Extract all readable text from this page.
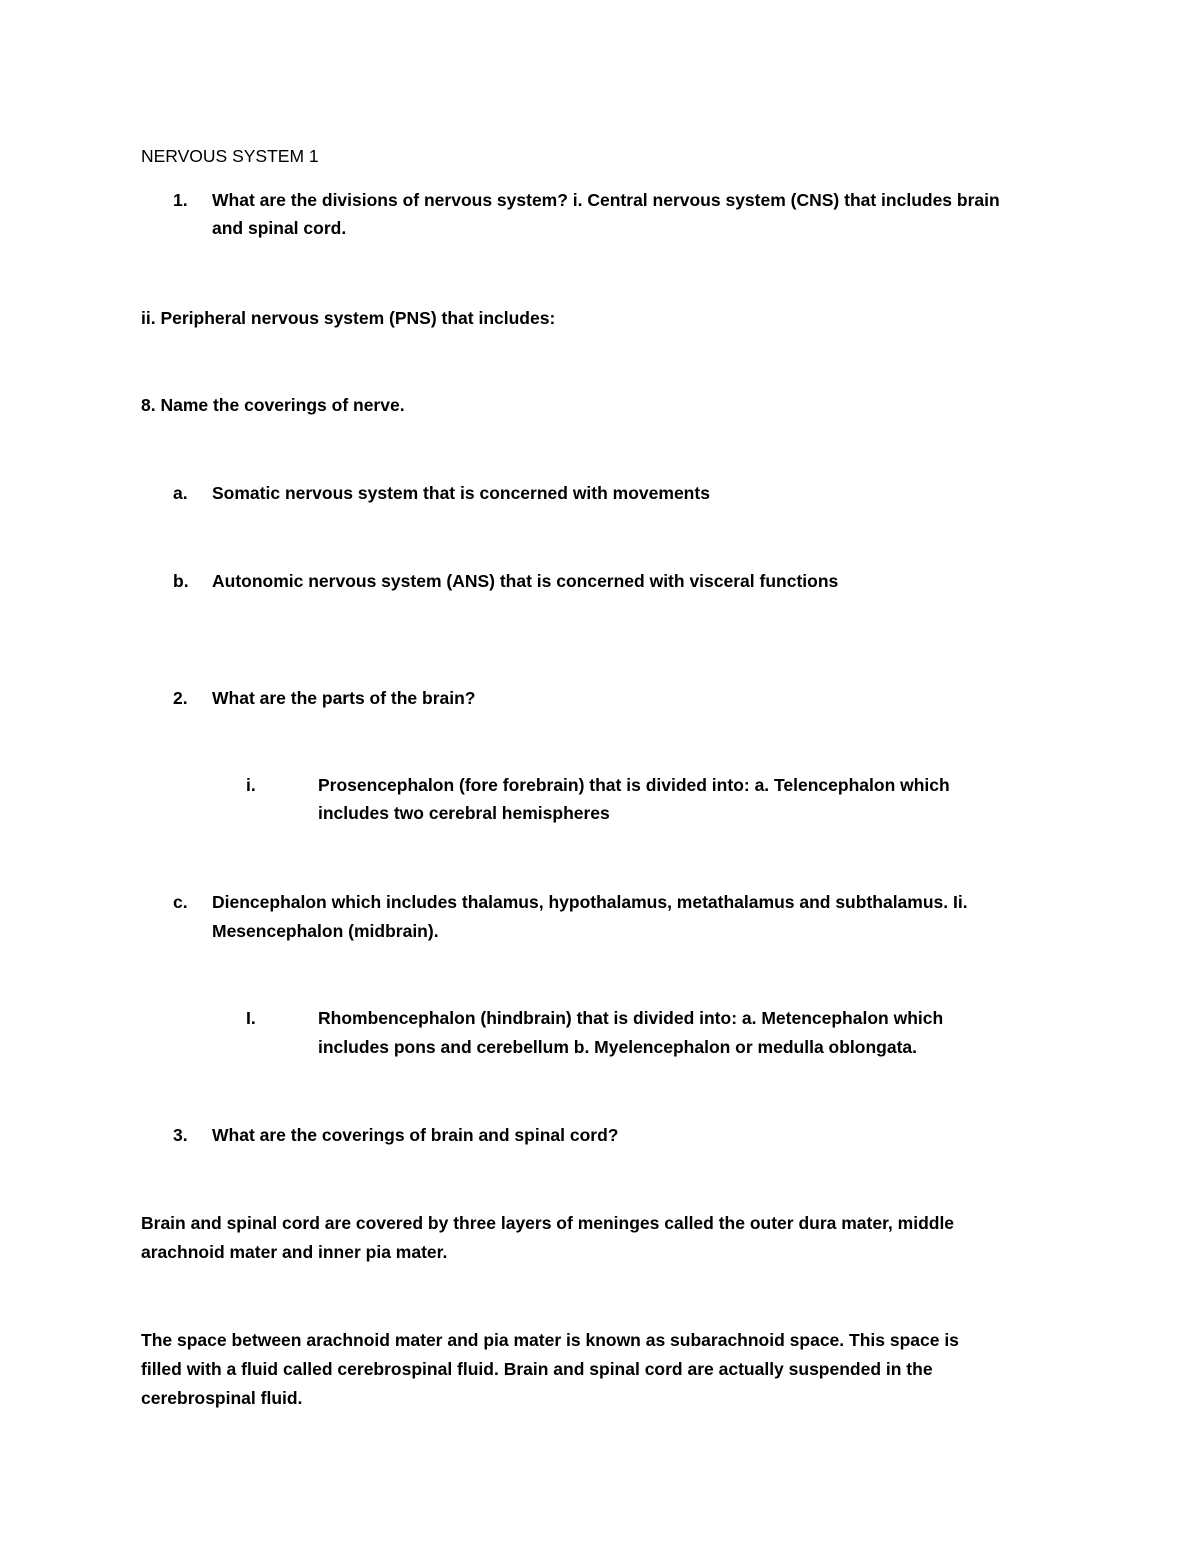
NERVOUS SYSTEM 1

1. What are the divisions of nervous system? i. Central nervous system (CNS) that includes brain

and spinal cord.

ii. Peripheral nervous system (PNS) that includes:

8. Name the coverings of nerve.

a. Somatic nervous system that is concerned with movements

b. Autonomic nervous system (ANS) that is concerned with visceral functions

2. What are the parts of the brain?

i.	Prosencephalon (fore forebrain) that is divided into: a. Telencephalon which

includes two cerebral hemispheres

c. Diencephalon which includes thalamus, hypothalamus, metathalamus and subthalamus. Ii.

Mesencephalon (midbrain).

I.	Rhombencephalon (hindbrain) that is divided into: a. Metencephalon which

includes pons and cerebellum b. Myelencephalon or medulla oblongata.

3. What are the coverings of brain and spinal cord?

Brain and spinal cord are covered by three layers of meninges called the outer dura mater, middle

arachnoid mater and inner pia mater.

The space between arachnoid mater and pia mater is known as subarachnoid space. This space is

filled with a fluid called cerebrospinal fluid. Brain and spinal cord are actually suspended in the

cerebrospinal fluid.
